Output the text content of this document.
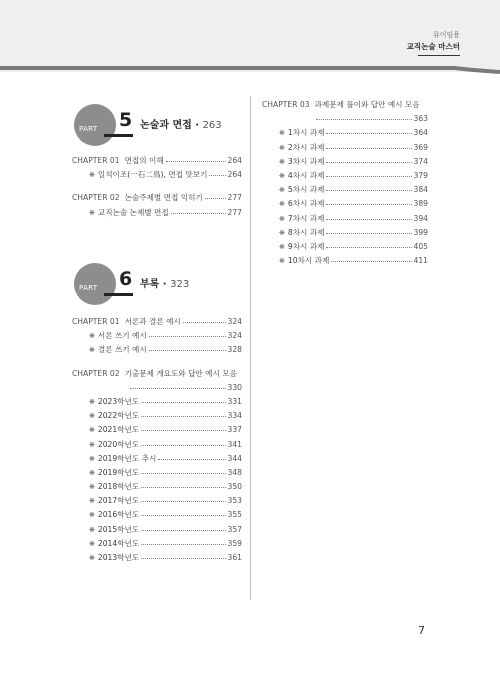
뮤이임용
교직논술 마스터
PART 5 논술과 면접 · 263
CHAPTER 01 면접의 이해	264
❋ 일석이조(一石二鳥), 면접 맛보기	264
CHAPTER 02 논술주제별 면접 익히기	277
❋ 교직논술 논제별 면접	277
PART 6 부록 · 323
CHAPTER 01 서론과 결론 예시	324
❋ 서론 쓰기 예시	324
❋ 결론 쓰기 예시	328
CHAPTER 02 기출문제 개요도와 답안 예시 모음
330
❋ 2023학년도	331
❋ 2022학년도	334
❋ 2021학년도	337
❋ 2020학년도	341
❋ 2019학년도 추시	344
❋ 2019학년도	348
❋ 2018학년도	350
❋ 2017학년도	353
❋ 2016학년도	355
❋ 2015학년도	357
❋ 2014학년도	359
❋ 2013학년도	361
CHAPTER 03 과제문제 풀이와 답안 예시 모음
363
❋ 1차시 과제	364
❋ 2차시 과제	369
❋ 3차시 과제	374
❋ 4차시 과제	379
❋ 5차시 과제	384
❋ 6차시 과제	389
❋ 7차시 과제	394
❋ 8차시 과제	399
❋ 9차시 과제	405
❋ 10차시 과제	411
7
